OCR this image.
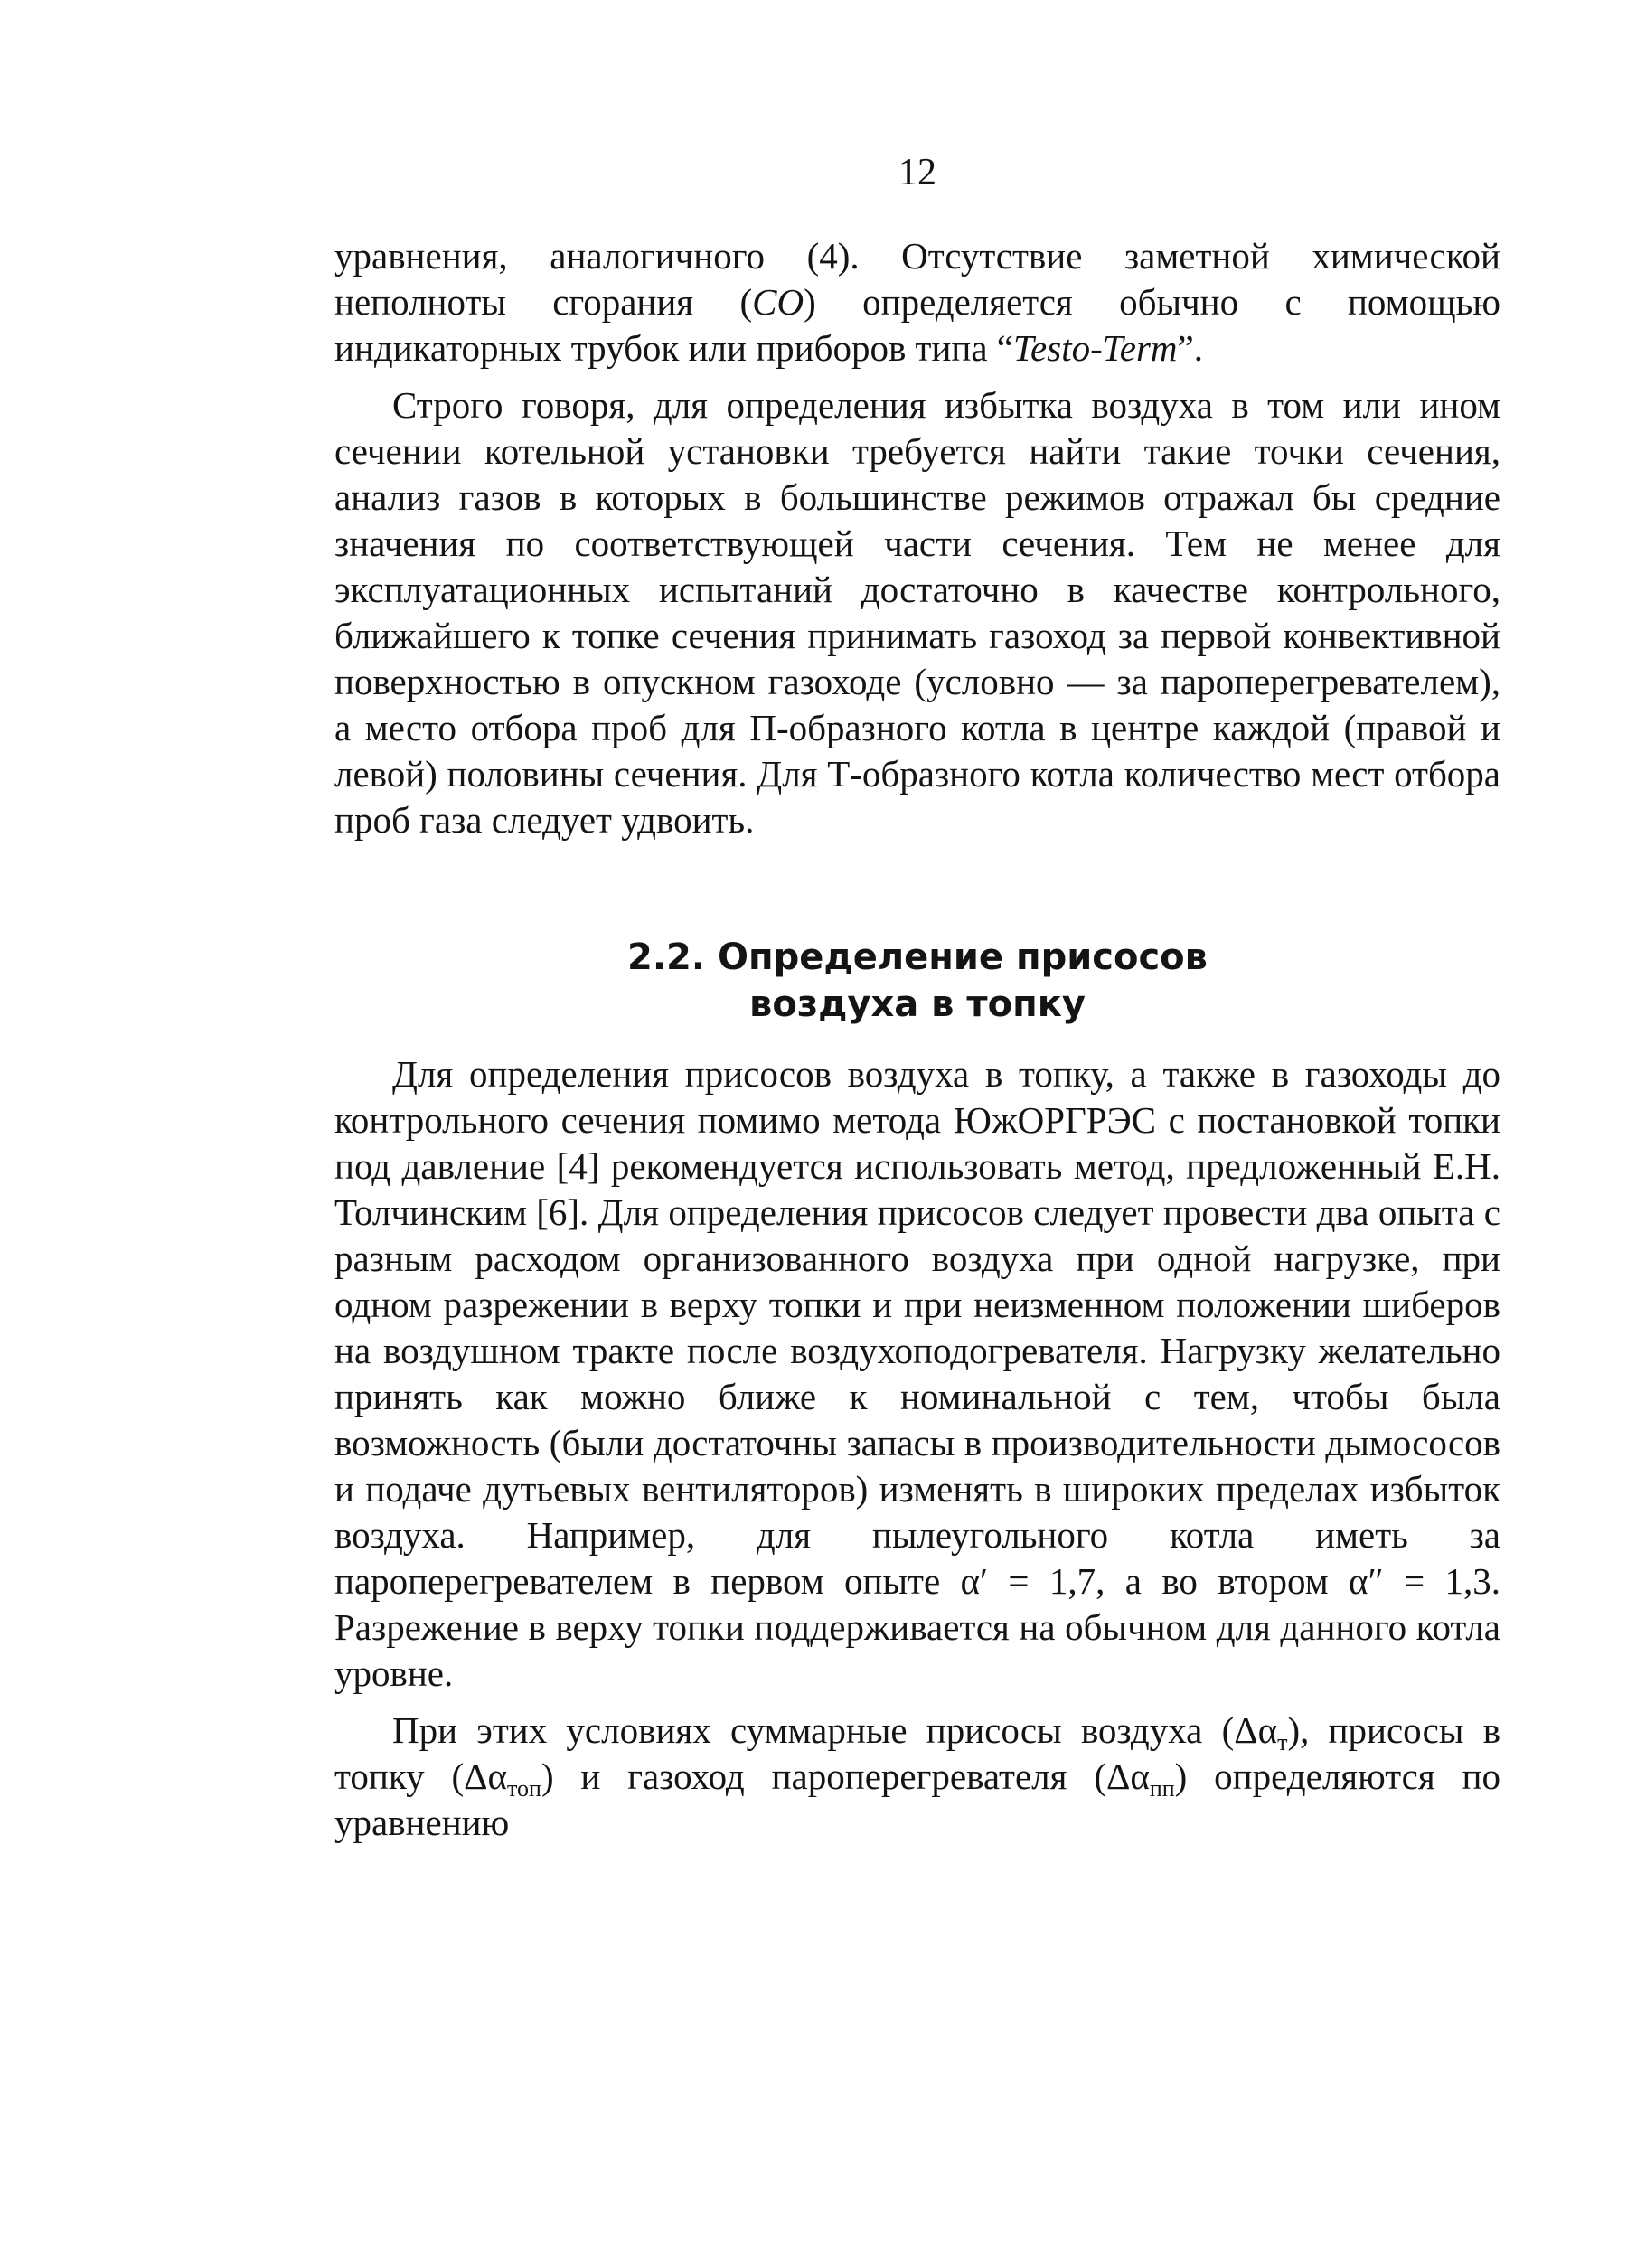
12

уравнения, аналогичного (4). Отсутствие заметной химической неполноты сгорания (СО) определяется обычно с помощью индикаторных трубок или приборов типа “Testo-Term”.

Строго говоря, для определения избытка воздуха в том или ином сечении котельной установки требуется найти такие точки сечения, анализ газов в которых в большинстве режимов отражал бы средние значения по соответствующей части сечения. Тем не менее для эксплуатационных испытаний достаточно в качестве контрольного, ближайшего к топке сечения принимать газоход за первой конвективной поверхностью в опускном газоходе (условно — за пароперегревателем), а место отбора проб для П-образного котла в центре каждой (правой и левой) половины сечения. Для Т-образного котла количество мест отбора проб газа следует удвоить.

2.2. Определение присосов
воздуха в топку

Для определения присосов воздуха в топку, а также в газоходы до контрольного сечения помимо метода ЮжОРГРЭС с постановкой топки под давление [4] рекомендуется использовать метод, предложенный Е.Н. Толчинским [6]. Для определения присосов следует провести два опыта с разным расходом организованного воздуха при одной нагрузке, при одном разрежении в верху топки и при неизменном положении шиберов на воздушном тракте после воздухоподогревателя. Нагрузку желательно принять как можно ближе к номинальной с тем, чтобы была возможность (были достаточны запасы в производительности дымососов и подаче дутьевых вентиляторов) изменять в широких пределах избыток воздуха. Например, для пылеугольного котла иметь за пароперегревателем в первом опыте α′ = 1,7, а во втором α″ = 1,3. Разрежение в верху топки поддерживается на обычном для данного котла уровне.

При этих условиях суммарные присосы воздуха $(\Delta\alpha_т)$, присосы в топку $(\Delta\alpha_{топ})$ и газоход пароперегревателя $(\Delta\alpha_{пп})$ определяются по уравнению
